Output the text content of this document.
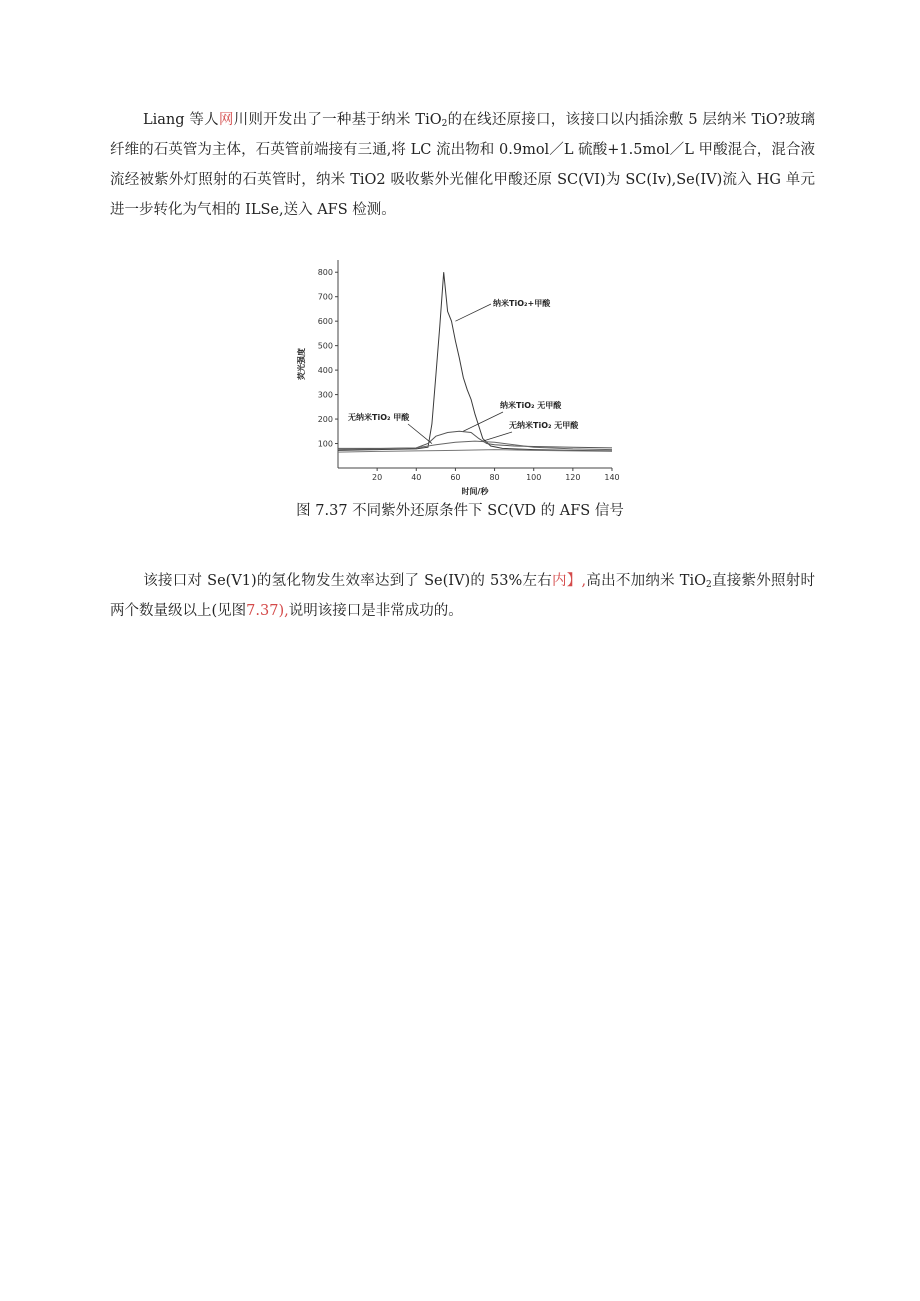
Liang 等人网川则开发出了一种基于纳米 TiO$_2$的在线还原接口，该接口以内插涂敷 5 层纳米 TiO?玻璃纤维的石英管为主体，石英管前端接有三通,将 LC 流出物和 0.9mol／L 硫酸+1.5mol／L 甲酸混合，混合液流经被紫外灯照射的石英管时，纳米 TiO2 吸收紫外光催化甲酸还原 SC(VI)为 SC(Iv),Se(IV)流入 HG 单元进一步转化为气相的 ILSe,送入 AFS 检测。
100
200
300
400
500
600
700
800
20	40	60	80	100	120	140
时间/秒
荧光强度
纳米TiO₂+甲酸
纳米TiO₂ 无甲酸
无纳米TiO₂ 甲酸
无纳米TiO₂ 无甲酸
图 7.37 不同紫外还原条件下 SC(VD 的 AFS 信号
该接口对 Se(V1)的氢化物发生效率达到了 Se(IV)的 53%左右内】,高出不加纳米 TiO$_2$直接紫外照射时两个数量级以上(见图7.37),说明该接口是非常成功的。
